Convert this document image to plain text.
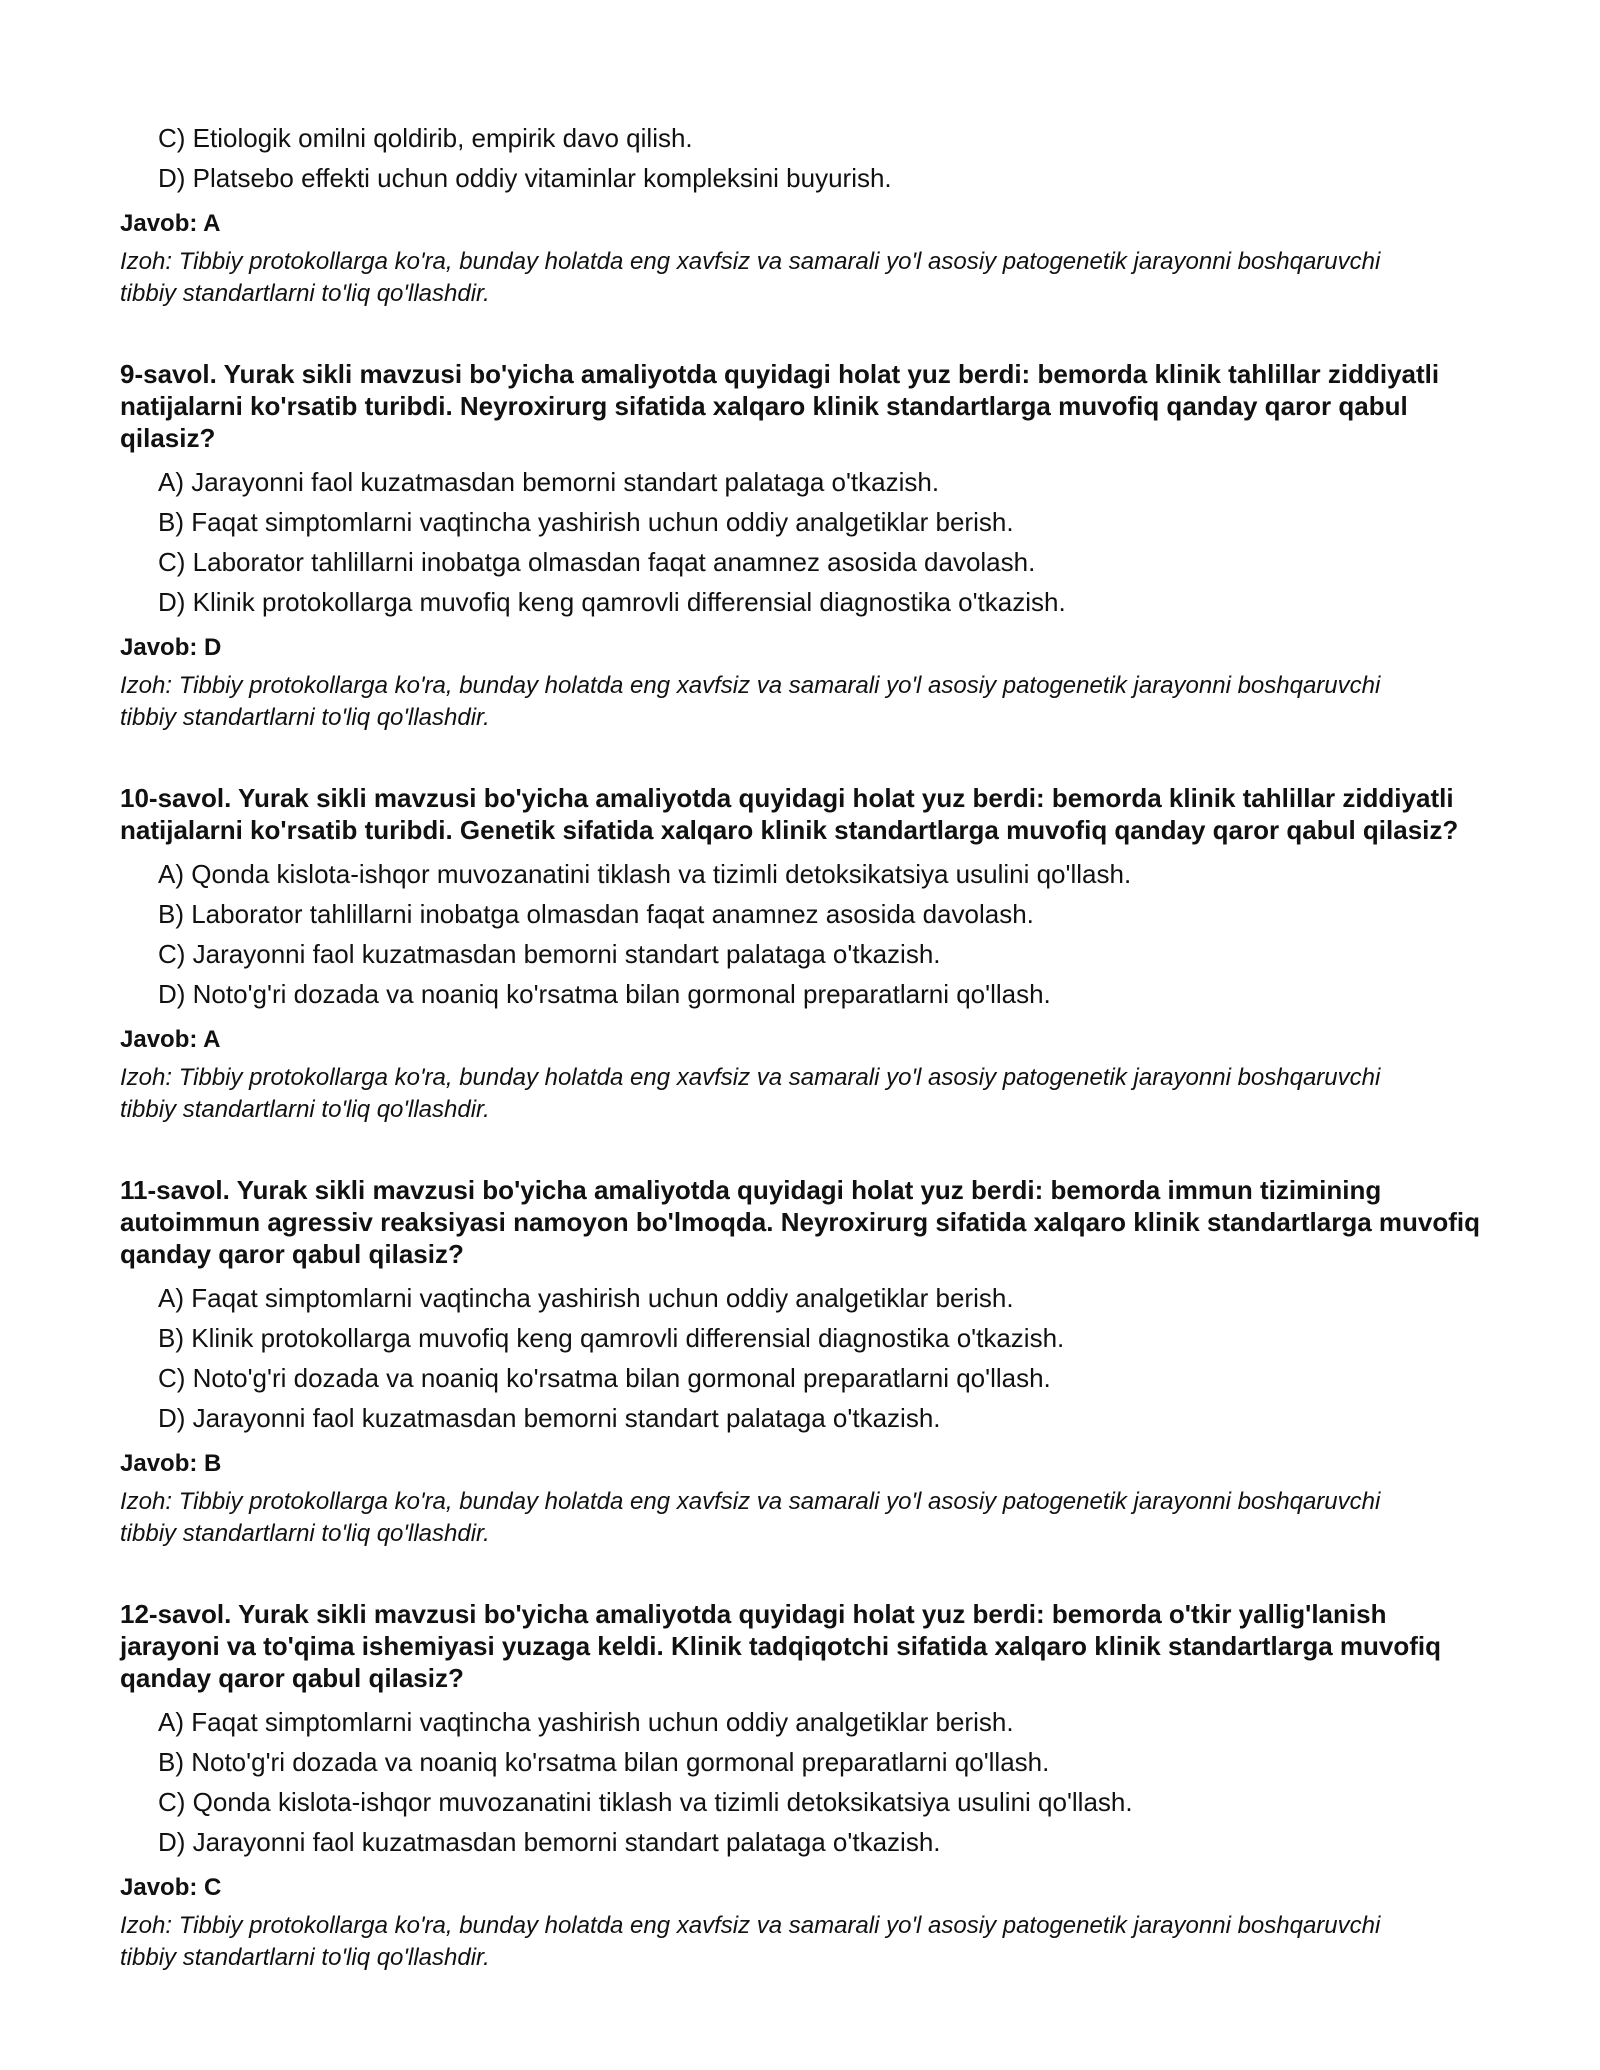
C) Etiologik omilni qoldirib, empirik davo qilish.

D) Platsebo effekti uchun oddiy vitaminlar kompleksini buyurish.

Javob: A

Izoh: Tibbiy protokollarga ko'ra, bunday holatda eng xavfsiz va samarali yo'l asosiy patogenetik jarayonni boshqaruvchi tibbiy standartlarni to'liq qo'llashdir.

9-savol. Yurak sikli mavzusi bo'yicha amaliyotda quyidagi holat yuz berdi: bemorda klinik tahlillar ziddiyatli natijalarni ko'rsatib turibdi. Neyroxirurg sifatida xalqaro klinik standartlarga muvofiq qanday qaror qabul qilasiz?

A) Jarayonni faol kuzatmasdan bemorni standart palataga o'tkazish.

B) Faqat simptomlarni vaqtincha yashirish uchun oddiy analgetiklar berish.

C) Laborator tahlillarni inobatga olmasdan faqat anamnez asosida davolash.

D) Klinik protokollarga muvofiq keng qamrovli differensial diagnostika o'tkazish.

Javob: D

Izoh: Tibbiy protokollarga ko'ra, bunday holatda eng xavfsiz va samarali yo'l asosiy patogenetik jarayonni boshqaruvchi tibbiy standartlarni to'liq qo'llashdir.

10-savol. Yurak sikli mavzusi bo'yicha amaliyotda quyidagi holat yuz berdi: bemorda klinik tahlillar ziddiyatli natijalarni ko'rsatib turibdi. Genetik sifatida xalqaro klinik standartlarga muvofiq qanday qaror qabul qilasiz?

A) Qonda kislota-ishqor muvozanatini tiklash va tizimli detoksikatsiya usulini qo'llash.

B) Laborator tahlillarni inobatga olmasdan faqat anamnez asosida davolash.

C) Jarayonni faol kuzatmasdan bemorni standart palataga o'tkazish.

D) Noto'g'ri dozada va noaniq ko'rsatma bilan gormonal preparatlarni qo'llash.

Javob: A

Izoh: Tibbiy protokollarga ko'ra, bunday holatda eng xavfsiz va samarali yo'l asosiy patogenetik jarayonni boshqaruvchi tibbiy standartlarni to'liq qo'llashdir.

11-savol. Yurak sikli mavzusi bo'yicha amaliyotda quyidagi holat yuz berdi: bemorda immun tizimining autoimmun agressiv reaksiyasi namoyon bo'lmoqda. Neyroxirurg sifatida xalqaro klinik standartlarga muvofiq qanday qaror qabul qilasiz?

A) Faqat simptomlarni vaqtincha yashirish uchun oddiy analgetiklar berish.

B) Klinik protokollarga muvofiq keng qamrovli differensial diagnostika o'tkazish.

C) Noto'g'ri dozada va noaniq ko'rsatma bilan gormonal preparatlarni qo'llash.

D) Jarayonni faol kuzatmasdan bemorni standart palataga o'tkazish.

Javob: B

Izoh: Tibbiy protokollarga ko'ra, bunday holatda eng xavfsiz va samarali yo'l asosiy patogenetik jarayonni boshqaruvchi tibbiy standartlarni to'liq qo'llashdir.

12-savol. Yurak sikli mavzusi bo'yicha amaliyotda quyidagi holat yuz berdi: bemorda o'tkir yallig'lanish jarayoni va to'qima ishemiyasi yuzaga keldi. Klinik tadqiqotchi sifatida xalqaro klinik standartlarga muvofiq qanday qaror qabul qilasiz?

A) Faqat simptomlarni vaqtincha yashirish uchun oddiy analgetiklar berish.

B) Noto'g'ri dozada va noaniq ko'rsatma bilan gormonal preparatlarni qo'llash.

C) Qonda kislota-ishqor muvozanatini tiklash va tizimli detoksikatsiya usulini qo'llash.

D) Jarayonni faol kuzatmasdan bemorni standart palataga o'tkazish.

Javob: C

Izoh: Tibbiy protokollarga ko'ra, bunday holatda eng xavfsiz va samarali yo'l asosiy patogenetik jarayonni boshqaruvchi tibbiy standartlarni to'liq qo'llashdir.
